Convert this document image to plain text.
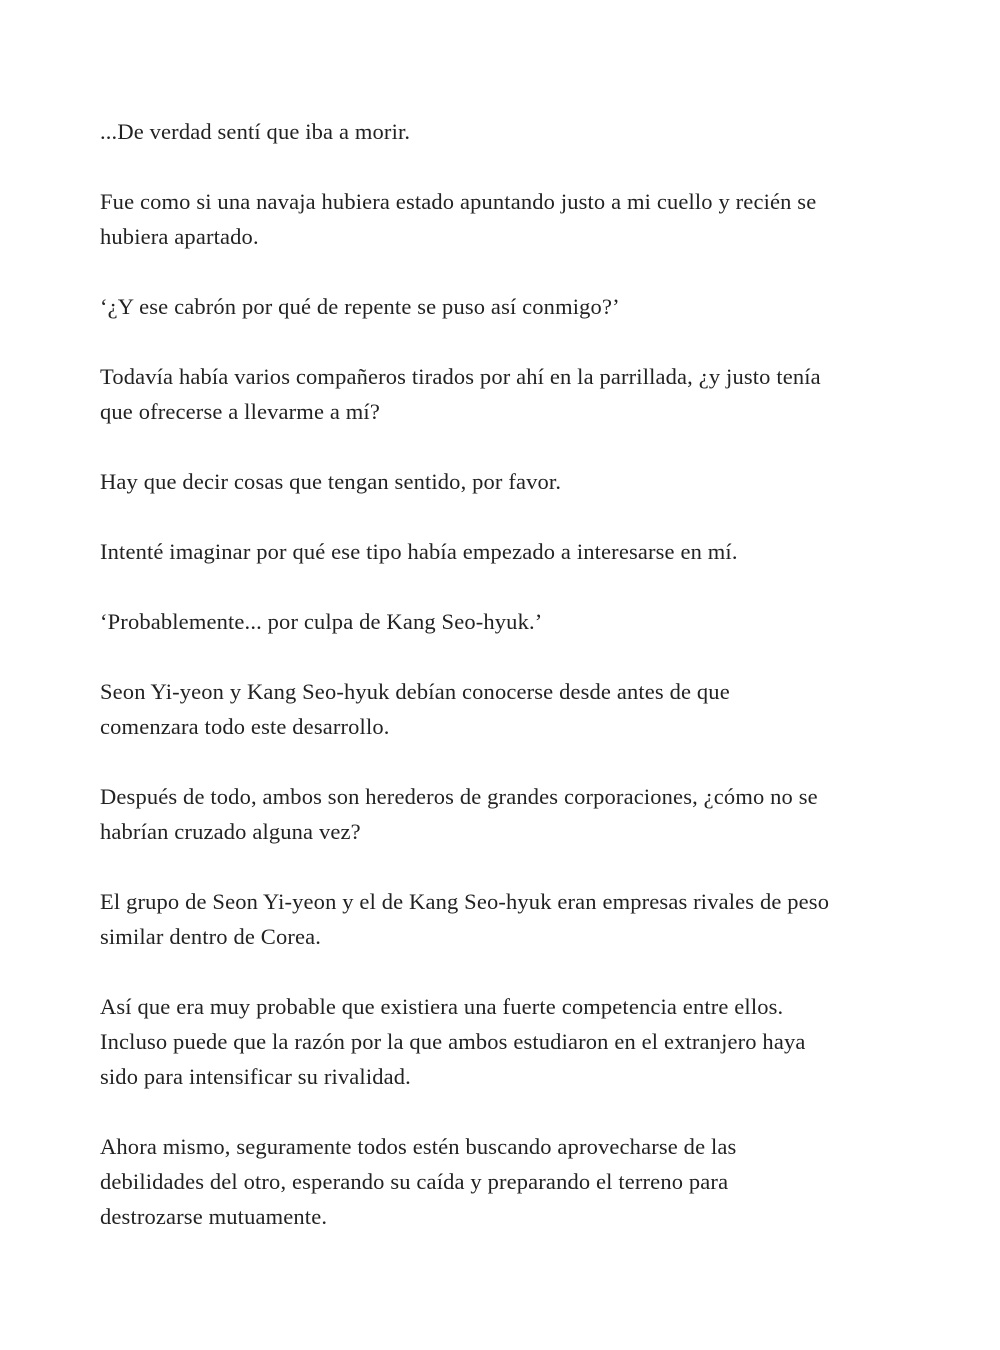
...De verdad sentí que iba a morir.

Fue como si una navaja hubiera estado apuntando justo a mi cuello y recién se
hubiera apartado.

‘¿Y ese cabrón por qué de repente se puso así conmigo?’

Todavía había varios compañeros tirados por ahí en la parrillada, ¿y justo tenía
que ofrecerse a llevarme a mí?

Hay que decir cosas que tengan sentido, por favor.

Intenté imaginar por qué ese tipo había empezado a interesarse en mí.

‘Probablemente... por culpa de Kang Seo-hyuk.’

Seon Yi-yeon y Kang Seo-hyuk debían conocerse desde antes de que
comenzara todo este desarrollo.

Después de todo, ambos son herederos de grandes corporaciones, ¿cómo no se
habrían cruzado alguna vez?

El grupo de Seon Yi-yeon y el de Kang Seo-hyuk eran empresas rivales de peso
similar dentro de Corea.

Así que era muy probable que existiera una fuerte competencia entre ellos.
Incluso puede que la razón por la que ambos estudiaron en el extranjero haya
sido para intensificar su rivalidad.

Ahora mismo, seguramente todos estén buscando aprovecharse de las
debilidades del otro, esperando su caída y preparando el terreno para
destrozarse mutuamente.
